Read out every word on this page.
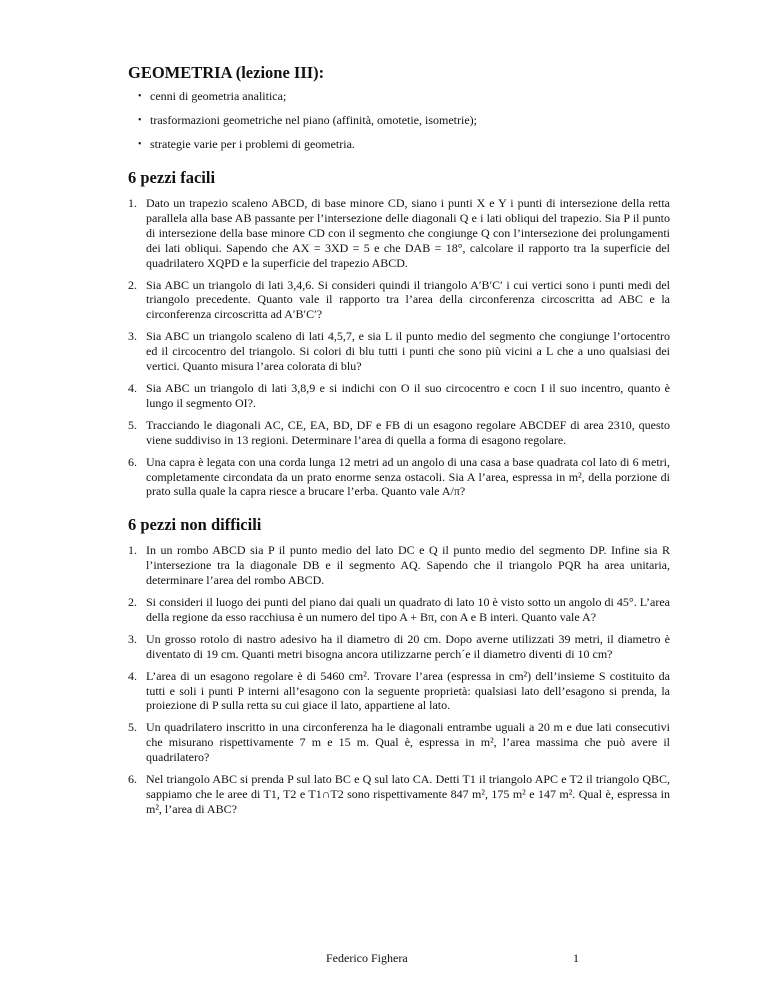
GEOMETRIA (lezione III):
• cenni di geometria analitica;
• trasformazioni geometriche nel piano (affinità, omotetie, isometrie);
• strategie varie per i problemi di geometria.
6 pezzi facili
1. Dato un trapezio scaleno ABCD, di base minore CD, siano i punti X e Y i punti di intersezione della retta parallela alla base AB passante per l’intersezione delle diagonali Q e i lati obliqui del trapezio. Sia P il punto di intersezione della base minore CD con il segmento che congiunge Q con l’intersezione dei prolungamenti dei lati obliqui. Sapendo che AX = 3XD = 5 e che DAB = 18°, calcolare il rapporto tra la superficie del quadrilatero XQPD e la superficie del trapezio ABCD.
2. Sia ABC un triangolo di lati 3,4,6. Si consideri quindi il triangolo A′B′C′ i cui vertici sono i punti medi del triangolo precedente. Quanto vale il rapporto tra l’area della circonferenza circoscritta ad ABC e la circonferenza circoscritta ad A′B′C′?
3. Sia ABC un triangolo scaleno di lati 4,5,7, e sia L il punto medio del segmento che congiunge l’ortocentro ed il circocentro del triangolo. Si colori di blu tutti i punti che sono più vicini a L che a uno qualsiasi dei vertici. Quanto misura l’area colorata di blu?
4. Sia ABC un triangolo di lati 3,8,9 e si indichi con O il suo circocentro e cocn I il suo incentro, quanto è lungo il segmento OI?.
5. Tracciando le diagonali AC, CE, EA, BD, DF e FB di un esagono regolare ABCDEF di area 2310, questo viene suddiviso in 13 regioni. Determinare l’area di quella a forma di esagono regolare.
6. Una capra è legata con una corda lunga 12 metri ad un angolo di una casa a base quadrata col lato di 6 metri, completamente circondata da un prato enorme senza ostacoli. Sia A l’area, espressa in m², della porzione di prato sulla quale la capra riesce a brucare l’erba. Quanto vale A/π?
6 pezzi non difficili
1. In un rombo ABCD sia P il punto medio del lato DC e Q il punto medio del segmento DP. Infine sia R l’intersezione tra la diagonale DB e il segmento AQ. Sapendo che il triangolo PQR ha area unitaria, determinare l’area del rombo ABCD.
2. Si consideri il luogo dei punti del piano dai quali un quadrato di lato 10 è visto sotto un angolo di 45°. L’area della regione da esso racchiusa è un numero del tipo A + Bπ, con A e B interi. Quanto vale A?
3. Un grosso rotolo di nastro adesivo ha il diametro di 20 cm. Dopo averne utilizzati 39 metri, il diametro è diventato di 19 cm. Quanti metri bisogna ancora utilizzarne perch´e il diametro diventi di 10 cm?
4. L’area di un esagono regolare è di 5460 cm². Trovare l’area (espressa in cm²) dell’insieme S costituito da tutti e soli i punti P interni all’esagono con la seguente proprietà: qualsiasi lato dell’esagono si prenda, la proiezione di P sulla retta su cui giace il lato, appartiene al lato.
5. Un quadrilatero inscritto in una circonferenza ha le diagonali entrambe uguali a 20 m e due lati consecutivi che misurano rispettivamente 7 m e 15 m. Qual è, espressa in m², l’area massima che può avere il quadrilatero?
6. Nel triangolo ABC si prenda P sul lato BC e Q sul lato CA. Detti T1 il triangolo APC e T2 il triangolo QBC, sappiamo che le aree di T1, T2 e T1∩T2 sono rispettivamente 847 m², 175 m² e 147 m². Qual è, espressa in m², l’area di ABC?
Federico Fighera	1
